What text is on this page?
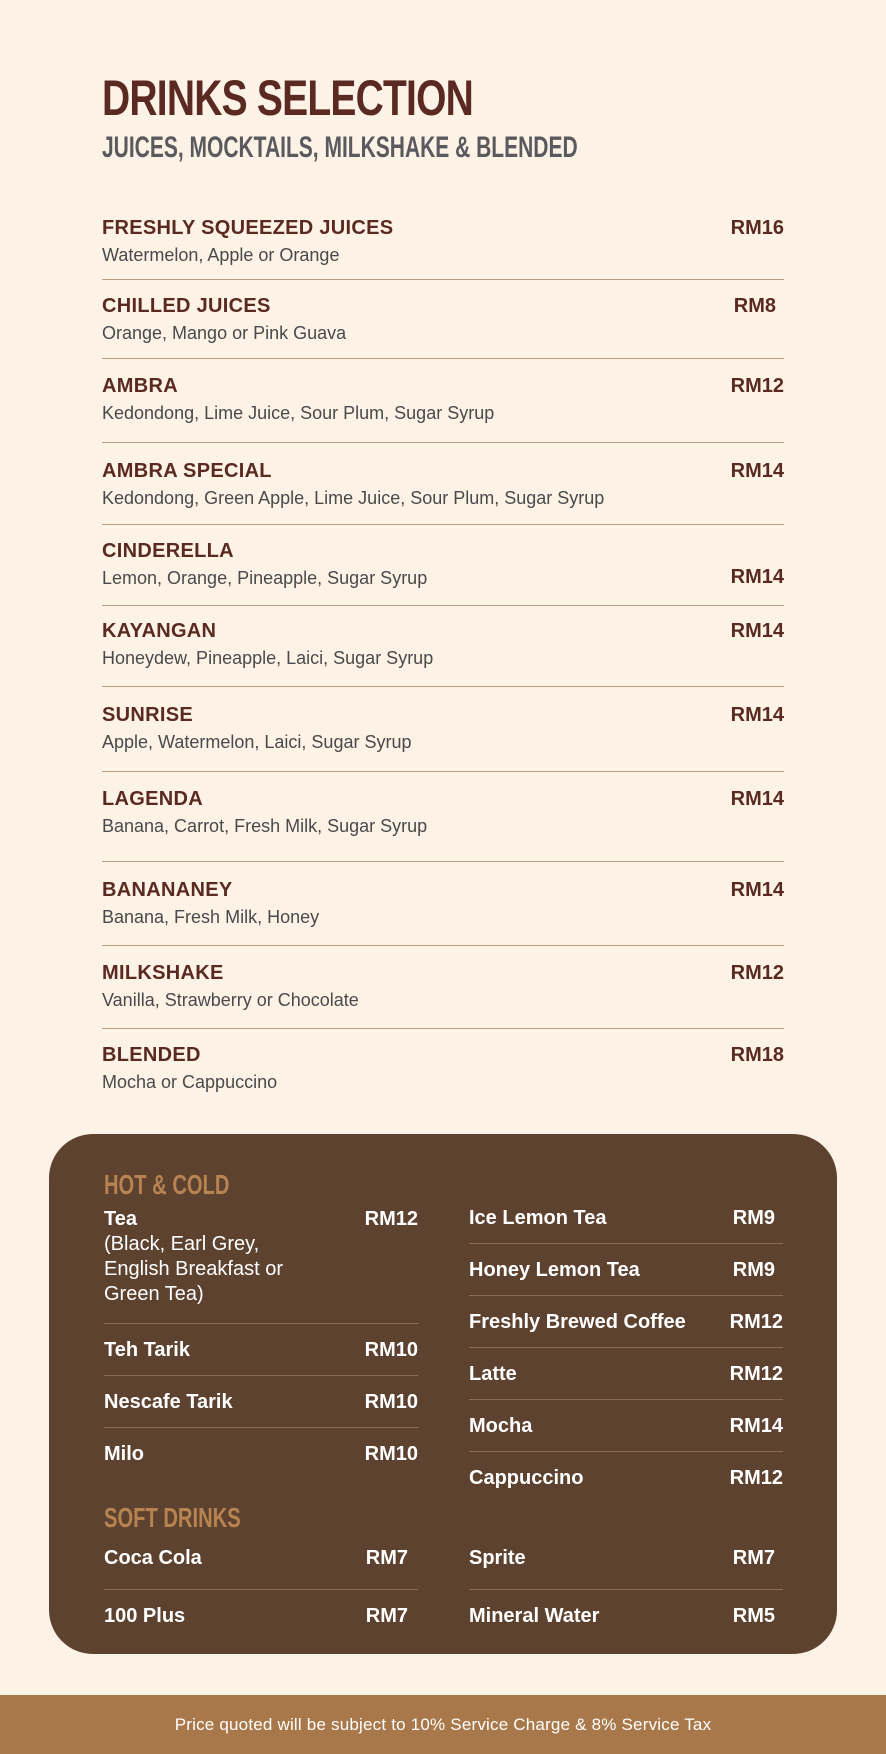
DRINKS SELECTION
JUICES, MOCKTAILS, MILKSHAKE & BLENDED
FRESHLY SQUEEZED JUICES
Watermelon, Apple or Orange
RM16
CHILLED JUICES
Orange, Mango or Pink Guava
RM8
AMBRA
Kedondong, Lime Juice, Sour Plum, Sugar Syrup
RM12
AMBRA SPECIAL
Kedondong, Green Apple, Lime Juice, Sour Plum, Sugar Syrup
RM14
CINDERELLA
Lemon, Orange, Pineapple, Sugar Syrup	RM14
KAYANGAN
Honeydew, Pineapple, Laici, Sugar Syrup
RM14
SUNRISE
Apple, Watermelon, Laici, Sugar Syrup
RM14
LAGENDA
Banana, Carrot, Fresh Milk, Sugar Syrup
RM14
BANANANEY
Banana, Fresh Milk, Honey
RM14
MILKSHAKE
Vanilla, Strawberry or Chocolate
RM12
BLENDED
Mocha or Cappuccino
RM18
HOT & COLD
Tea
(Black, Earl Grey, English Breakfast or Green Tea)
RM12
Teh Tarik	RM10
Nescafe Tarik	RM10
Milo	RM10
Ice Lemon Tea	RM9
Honey Lemon Tea	RM9
Freshly Brewed Coffee RM12
Latte	RM12
Mocha	RM14
Cappuccino	RM12
SOFT DRINKS
Coca Cola	RM7
100 Plus	RM7
Sprite	RM7
Mineral Water	RM5
Price quoted will be subject to 10% Service Charge & 8% Service Tax
